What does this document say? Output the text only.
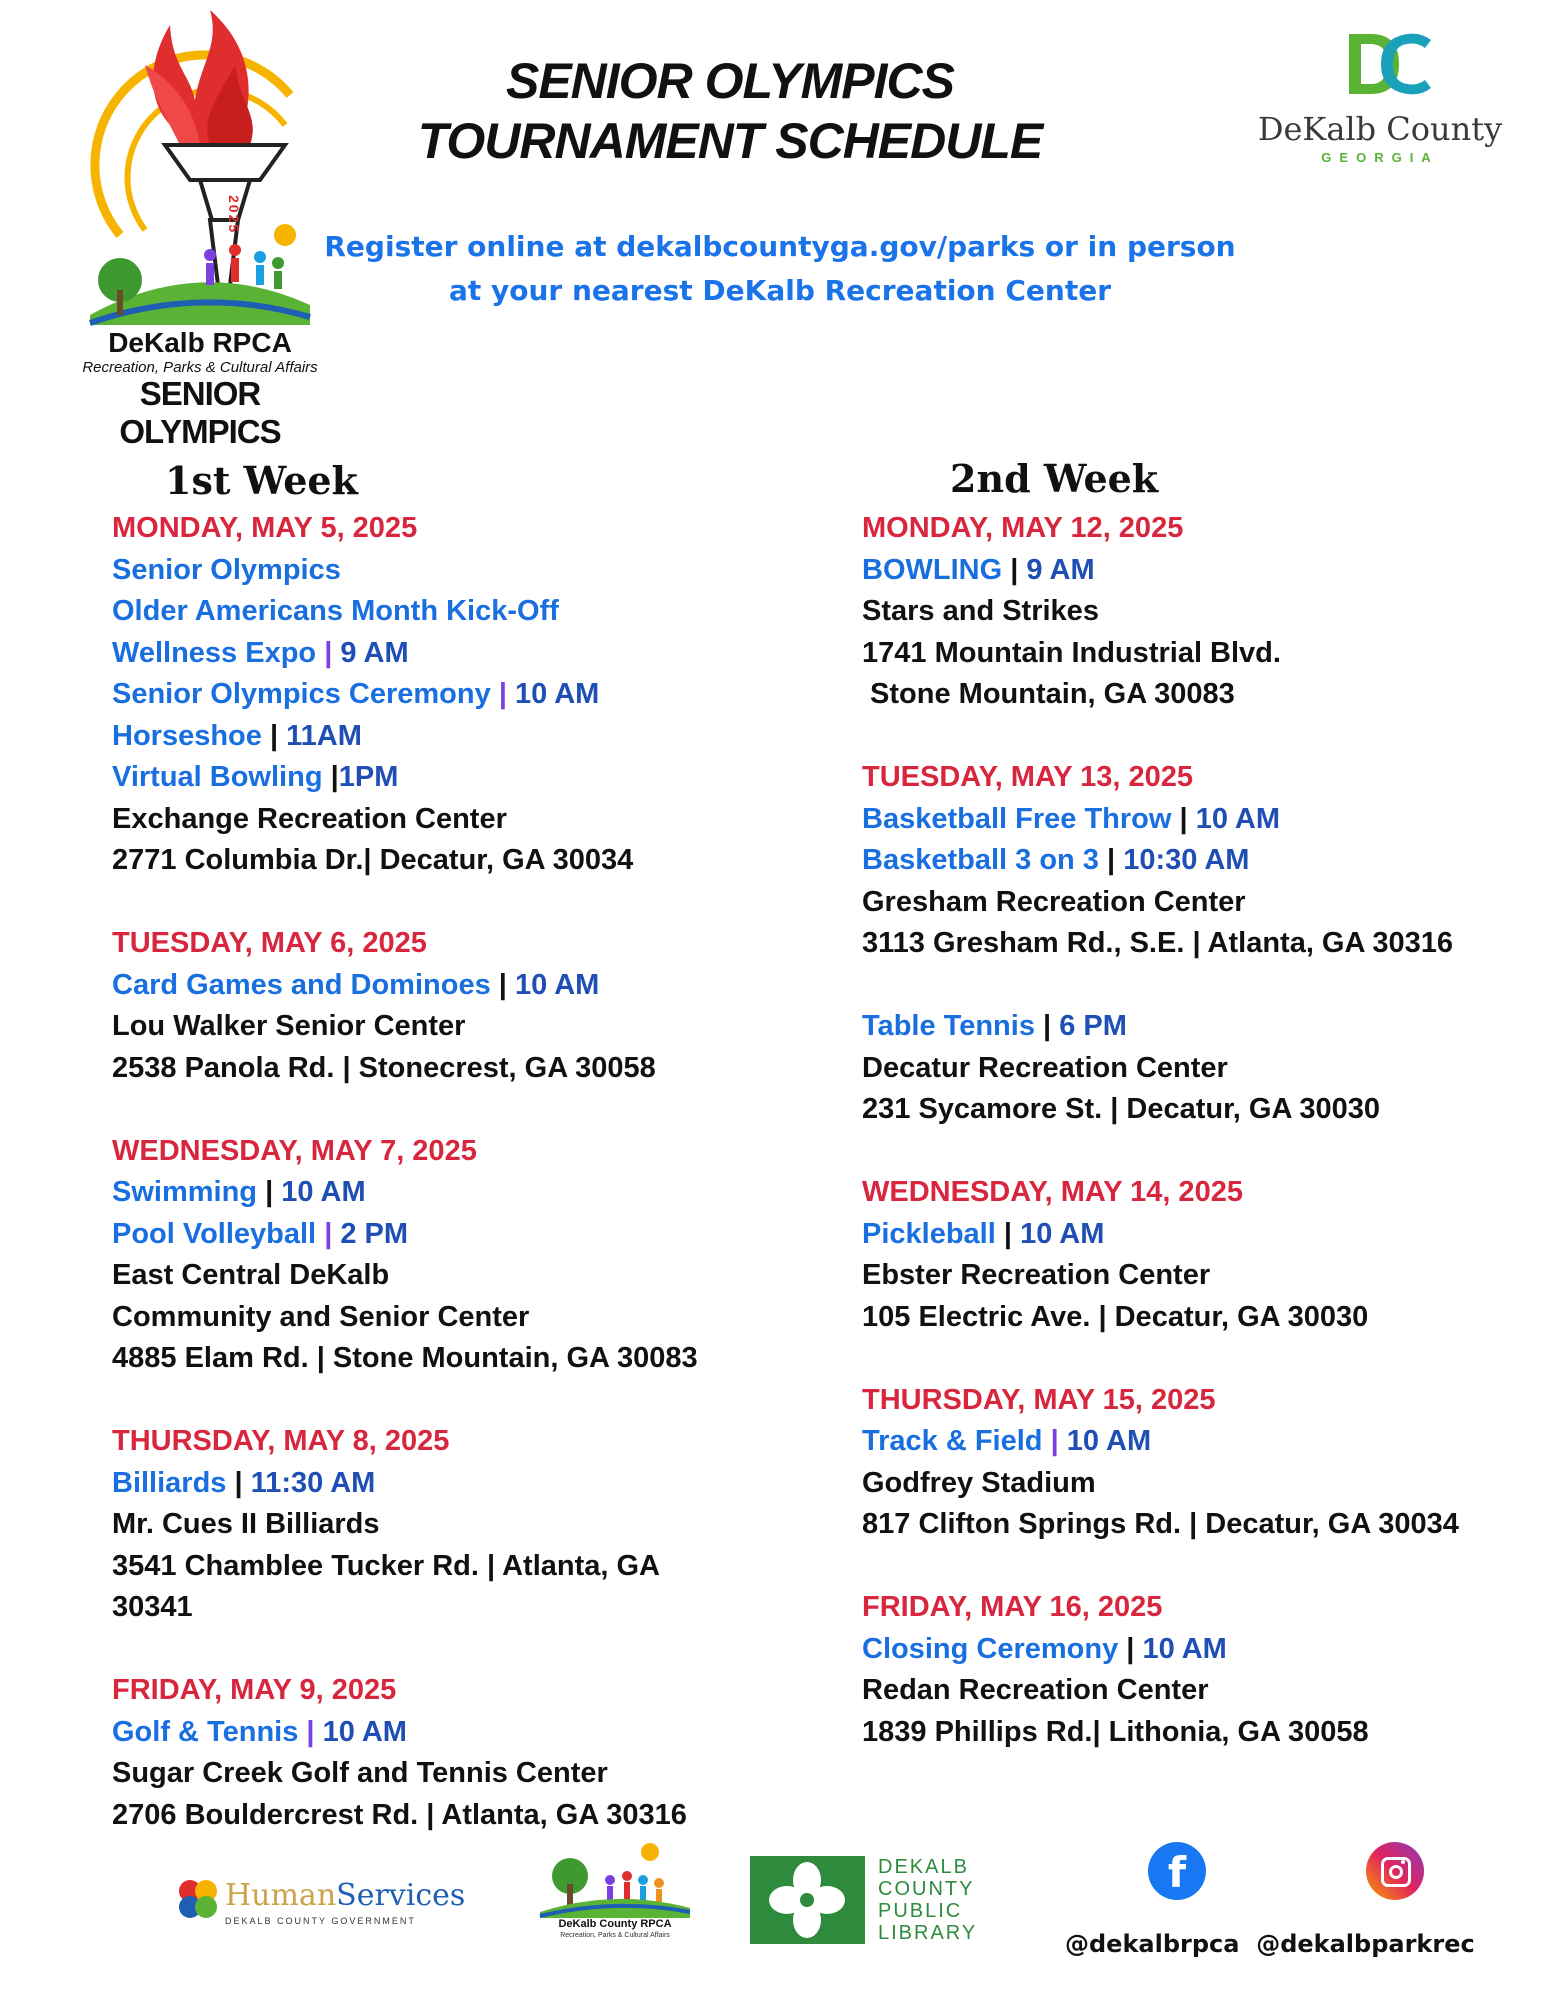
2025
DeKalb RPCA
Recreation, Parks & Cultural Affairs
SENIOR OLYMPICS
SENIOR OLYMPICS
TOURNAMENT SCHEDULE	DeKalb County
GEORGIA
Register online at dekalbcountyga.gov/parks or in person
at your nearest DeKalb Recreation Center
1st Week	2nd Week
MONDAY, MAY 5, 2025
Senior Olympics
Older Americans Month Kick-Off
Wellness Expo | 9 AM
Senior Olympics Ceremony | 10 AM
Horseshoe | 11AM
Virtual Bowling |1PM
Exchange Recreation Center
2771 Columbia Dr.| Decatur, GA 30034
TUESDAY, MAY 6, 2025
Card Games and Dominoes | 10 AM
Lou Walker Senior Center
2538 Panola Rd. | Stonecrest, GA 30058
WEDNESDAY, MAY 7, 2025
Swimming | 10 AM
Pool Volleyball | 2 PM
East Central DeKalb
Community and Senior Center
4885 Elam Rd. | Stone Mountain, GA 30083
THURSDAY, MAY 8, 2025
Billiards | 11:30 AM
Mr. Cues II Billiards
3541 Chamblee Tucker Rd. | Atlanta, GA
30341
FRIDAY, MAY 9, 2025
Golf & Tennis | 10 AM
Sugar Creek Golf and Tennis Center
2706 Bouldercrest Rd. | Atlanta, GA 30316
MONDAY, MAY 12, 2025
BOWLING | 9 AM
Stars and Strikes
1741 Mountain Industrial Blvd.
Stone Mountain, GA 30083
TUESDAY, MAY 13, 2025
Basketball Free Throw | 10 AM
Basketball 3 on 3 | 10:30 AM
Gresham Recreation Center
3113 Gresham Rd., S.E. | Atlanta, GA 30316
Table Tennis | 6 PM
Decatur Recreation Center
231 Sycamore St. | Decatur, GA 30030
WEDNESDAY, MAY 14, 2025
Pickleball | 10 AM
Ebster Recreation Center
105 Electric Ave. | Decatur, GA 30030
THURSDAY, MAY 15, 2025
Track & Field | 10 AM
Godfrey Stadium
817 Clifton Springs Rd. | Decatur, GA 30034
FRIDAY, MAY 16, 2025
Closing Ceremony | 10 AM
Redan Recreation Center
1839 Phillips Rd.| Lithonia, GA 30058
HumanServices
DEKALB COUNTY GOVERNMENT	DeKalb County RPCA
Recreation, Parks & Cultural Affairs
DEKALB
COUNTY
PUBLIC
LIBRARY
f
@dekalbrpca @dekalbparkrec
